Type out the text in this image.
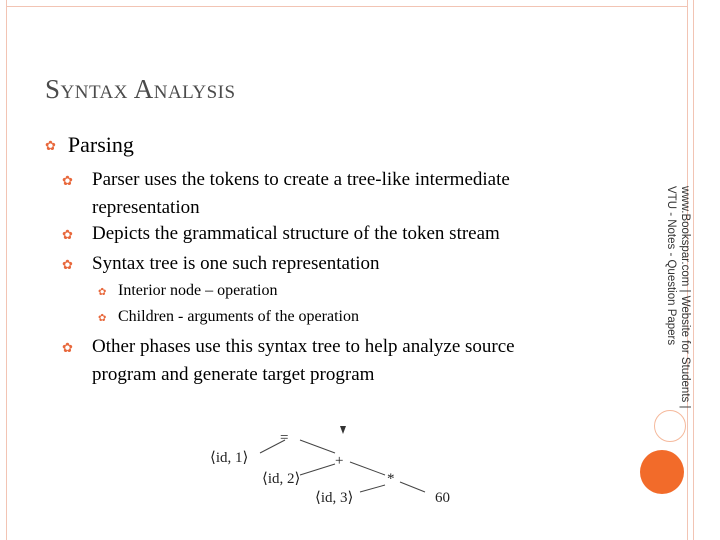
Syntax Analysis
✿ Parsing
✿	Parser uses the tokens to create a tree-like intermediate representation
✿	Depicts the grammatical structure of the token stream
✿	Syntax tree is one such representation
✿ Interior node – operation
✿ Children - arguments of the operation
✿	Other phases use this syntax tree to help analyze source program and generate target program	www.Bookspar.com | Website for Students |
VTU - Notes - Question Papers
=
+
*
⟨id, 1⟩
⟨id, 2⟩
⟨id, 3⟩	60
